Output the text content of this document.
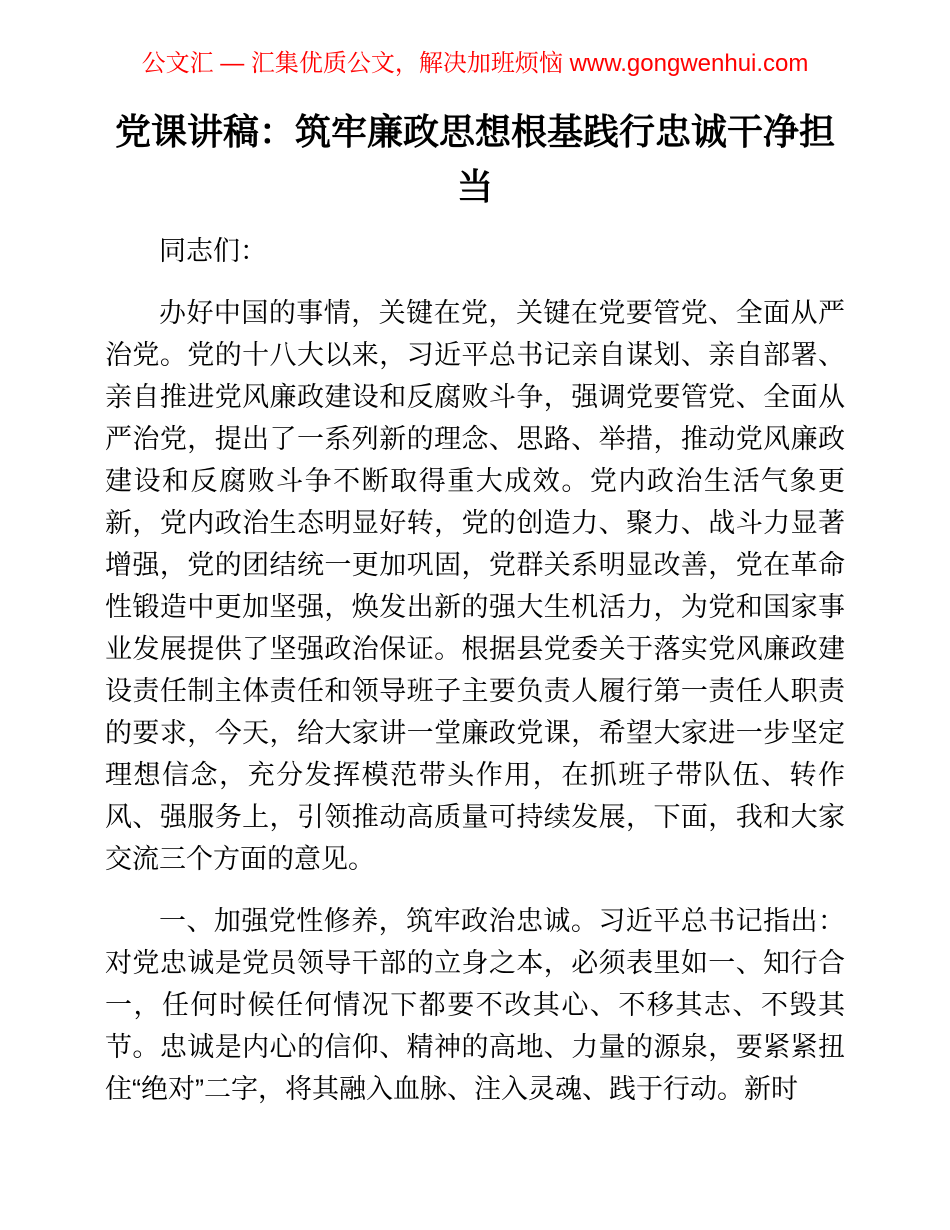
公文汇 — 汇集优质公文，解决加班烦恼 www.gongwenhui.com
党课讲稿：筑牢廉政思想根基践行忠诚干净担当

同志们：

办好中国的事情，关键在党，关键在党要管党、全面从严治党。党的十八大以来，习近平总书记亲自谋划、亲自部署、亲自推进党风廉政建设和反腐败斗争，强调党要管党、全面从严治党，提出了一系列新的理念、思路、举措，推动党风廉政建设和反腐败斗争不断取得重大成效。党内政治生活气象更新，党内政治生态明显好转，党的创造力、聚力、战斗力显著增强，党的团结统一更加巩固，党群关系明显改善，党在革命性锻造中更加坚强，焕发出新的强大生机活力，为党和国家事业发展提供了坚强政治保证。根据县党委关于落实党风廉政建设责任制主体责任和领导班子主要负责人履行第一责任人职责的要求，今天，给大家讲一堂廉政党课，希望大家进一步坚定理想信念，充分发挥模范带头作用，在抓班子带队伍、转作风、强服务上，引领推动高质量可持续发展，下面，我和大家交流三个方面的意见。

一、加强党性修养，筑牢政治忠诚。习近平总书记指出：对党忠诚是党员领导干部的立身之本，必须表里如一、知行合一，任何时候任何情况下都要不改其心、不移其志、不毁其节。忠诚是内心的信仰、精神的高地、力量的源泉，要紧紧扭住“绝对”二字，将其融入血脉、注入灵魂、践于行动。新时
